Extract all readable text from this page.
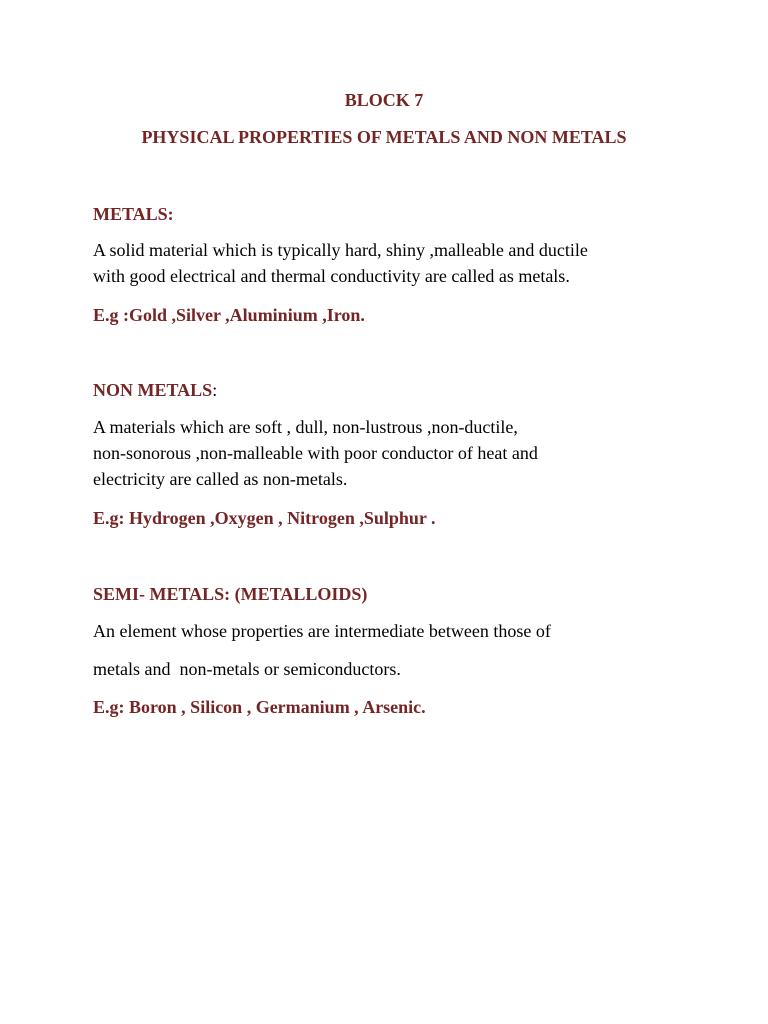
BLOCK 7
PHYSICAL PROPERTIES OF METALS AND NON METALS
METALS:
A solid material which is typically hard, shiny ,malleable and ductile
with good electrical and thermal conductivity are called as metals.
E.g :Gold ,Silver ,Aluminium ,Iron.
NON METALS:
A materials which are soft , dull, non-lustrous ,non-ductile,
non-sonorous ,non-malleable with poor conductor of heat and
electricity are called as non-metals.
E.g: Hydrogen ,Oxygen , Nitrogen ,Sulphur .
SEMI- METALS: (METALLOIDS)
An element whose properties are intermediate between those of
metals and  non-metals or semiconductors.
E.g: Boron , Silicon , Germanium , Arsenic.
